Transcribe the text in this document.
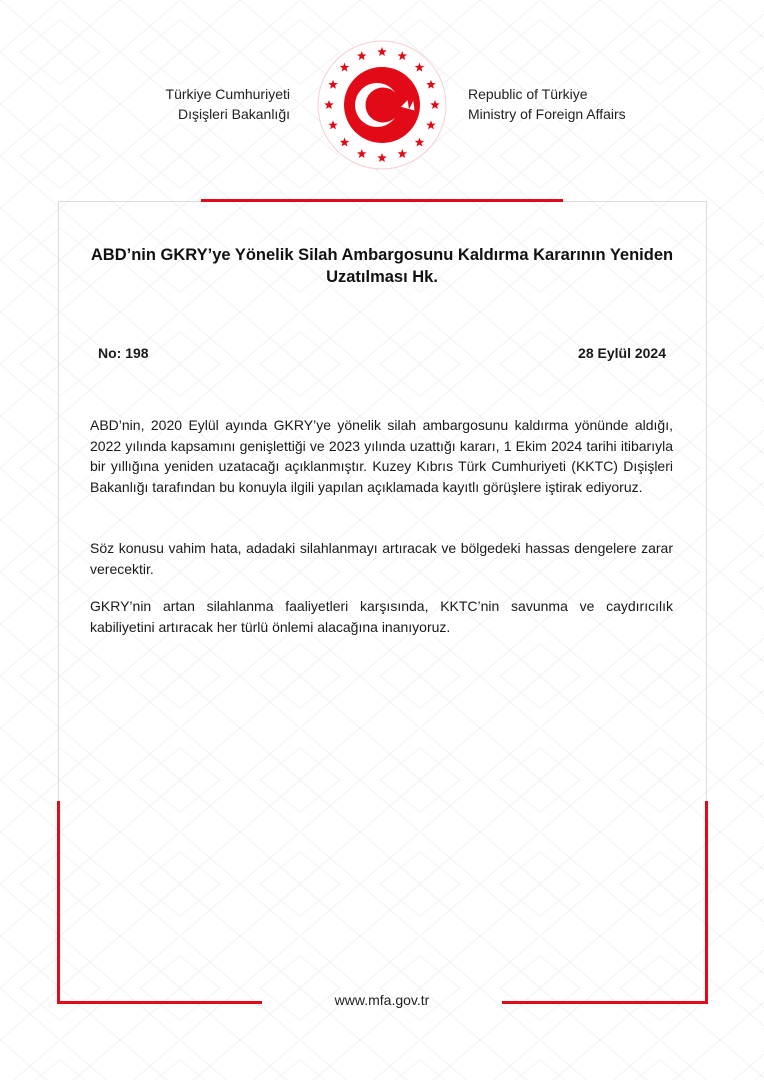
Türkiye Cumhuriyeti
Dışişleri Bakanlığı
Republic of Türkiye
Ministry of Foreign Affairs
ABD’nin GKRY’ye Yönelik Silah Ambargosunu Kaldırma Kararının Yeniden Uzatılması Hk.
No: 198	28 Eylül 2024

ABD’nin, 2020 Eylül ayında GKRY’ye yönelik silah ambargosunu kaldırma yönünde aldığı, 2022 yılında kapsamını genişlettiği ve 2023 yılında uzattığı kararı, 1 Ekim 2024 tarihi itibarıyla bir yıllığına yeniden uzatacağı açıklanmıştır. Kuzey Kıbrıs Türk Cumhuriyeti (KKTC) Dışişleri Bakanlığı tarafından bu konuyla ilgili yapılan açıklamada kayıtlı görüşlere iştirak ediyoruz.

Söz konusu vahim hata, adadaki silahlanmayı artıracak ve bölgedeki hassas dengelere zarar verecektir.

GKRY’nin artan silahlanma faaliyetleri karşısında, KKTC’nin savunma ve caydırıcılık kabiliyetini artıracak her türlü önlemi alacağına inanıyoruz.

www.mfa.gov.tr
